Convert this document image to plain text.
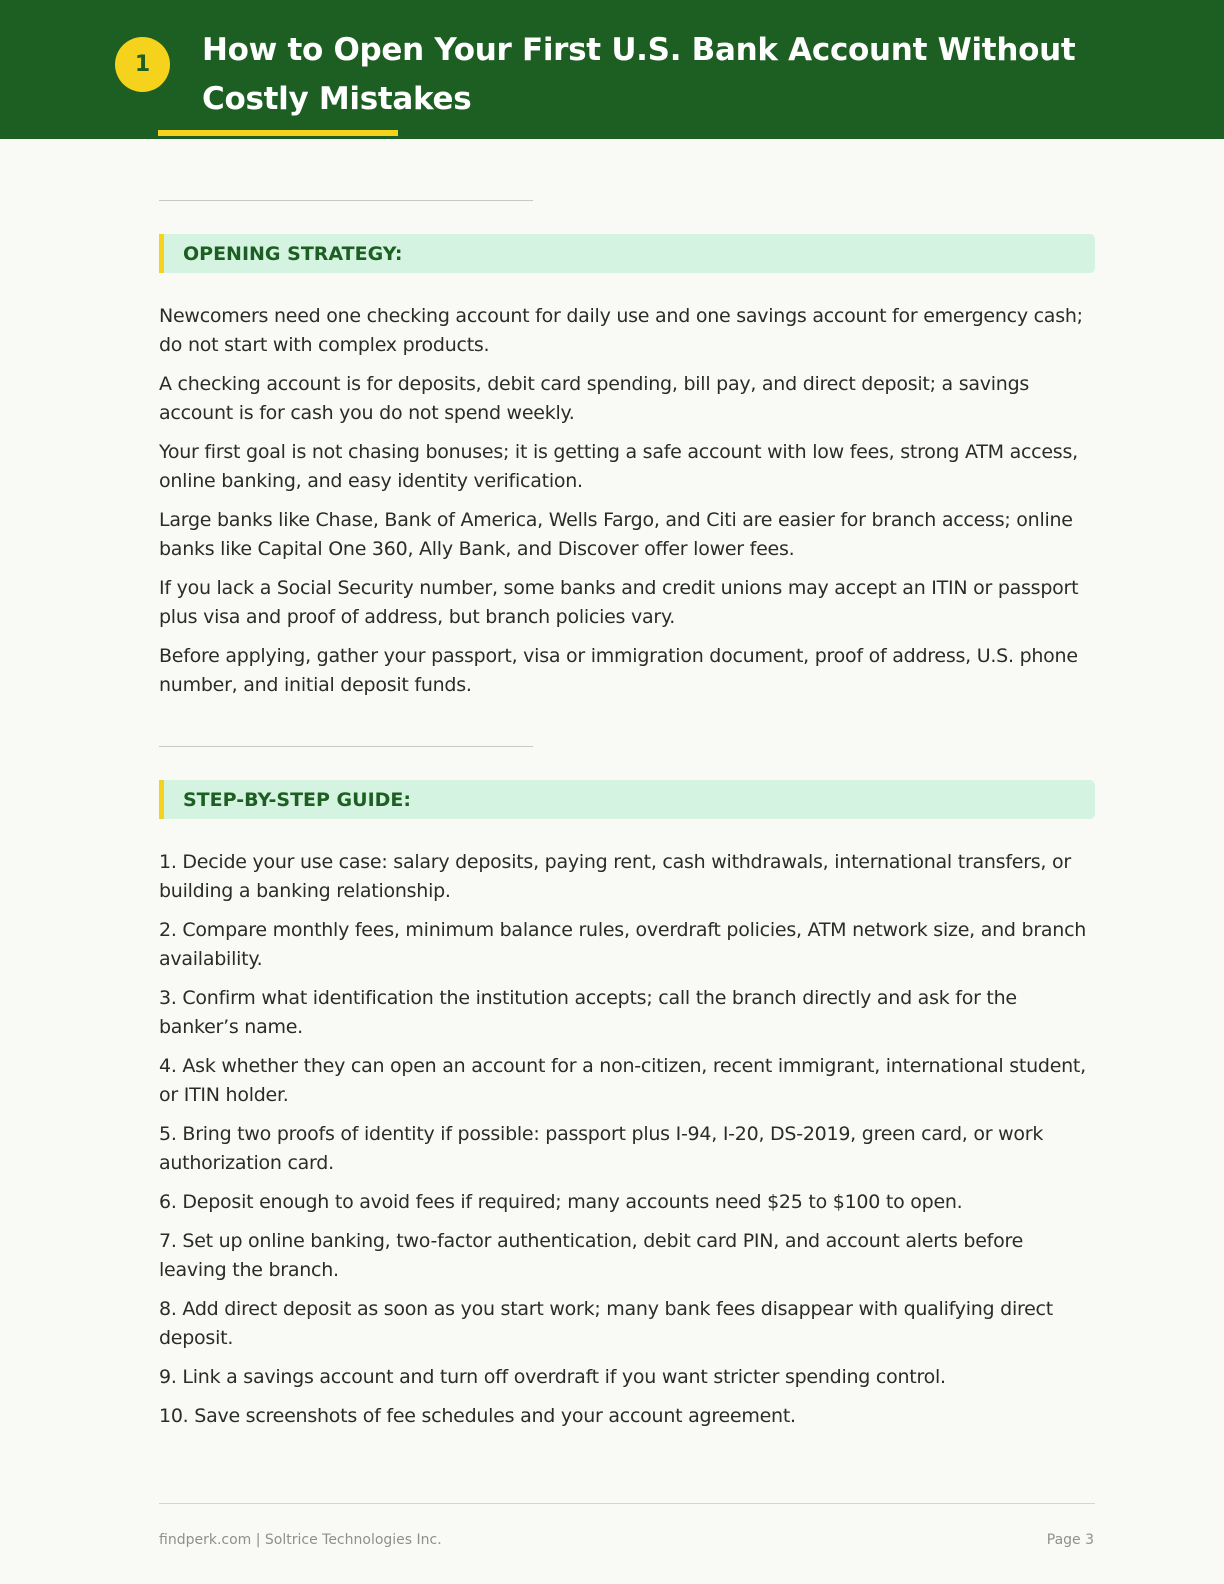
1	How to Open Your First U.S. Bank Account Without Costly Mistakes
OPENING STRATEGY:

Newcomers need one checking account for daily use and one savings account for emergency cash; do not start with complex products.

A checking account is for deposits, debit card spending, bill pay, and direct deposit; a savings account is for cash you do not spend weekly.

Your first goal is not chasing bonuses; it is getting a safe account with low fees, strong ATM access, online banking, and easy identity verification.

Large banks like Chase, Bank of America, Wells Fargo, and Citi are easier for branch access; online banks like Capital One 360, Ally Bank, and Discover offer lower fees.

If you lack a Social Security number, some banks and credit unions may accept an ITIN or passport plus visa and proof of address, but branch policies vary.

Before applying, gather your passport, visa or immigration document, proof of address, U.S. phone number, and initial deposit funds.

STEP-BY-STEP GUIDE:

1. Decide your use case: salary deposits, paying rent, cash withdrawals, international transfers, or building a banking relationship.

2. Compare monthly fees, minimum balance rules, overdraft policies, ATM network size, and branch availability.

3. Confirm what identification the institution accepts; call the branch directly and ask for the banker’s name.

4. Ask whether they can open an account for a non-citizen, recent immigrant, international student, or ITIN holder.

5. Bring two proofs of identity if possible: passport plus I-94, I-20, DS-2019, green card, or work authorization card.

6. Deposit enough to avoid fees if required; many accounts need $25 to $100 to open.

7. Set up online banking, two-factor authentication, debit card PIN, and account alerts before leaving the branch.

8. Add direct deposit as soon as you start work; many bank fees disappear with qualifying direct deposit.

9. Link a savings account and turn off overdraft if you want stricter spending control.

10. Save screenshots of fee schedules and your account agreement.

findperk.com | Soltrice Technologies Inc.	Page 3
